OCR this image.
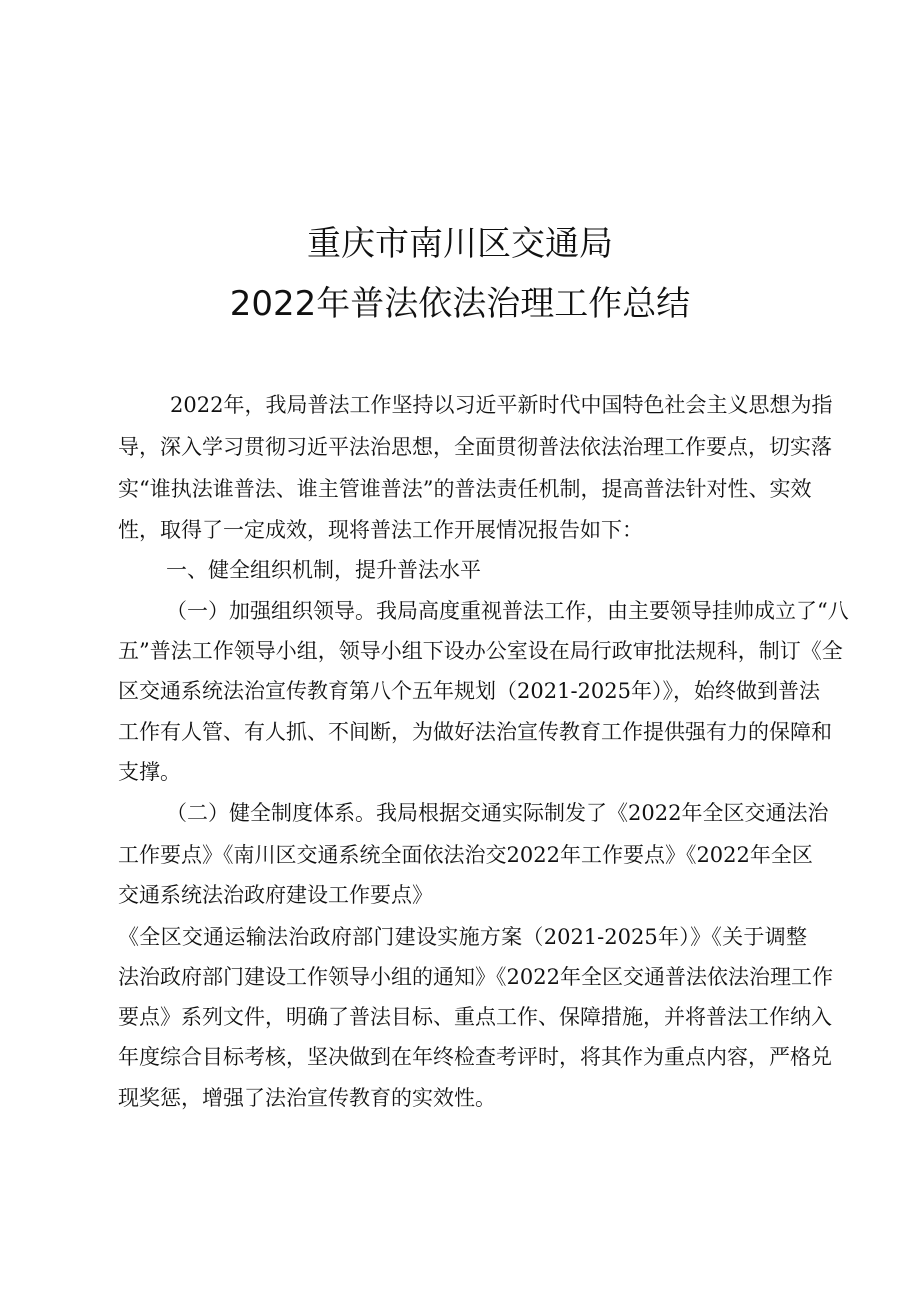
重庆市南川区交通局
2022年普法依法治理工作总结

2022年，我局普法工作坚持以习近平新时代中国特色社会主义思想为指

导，深入学习贯彻习近平法治思想，全面贯彻普法依法治理工作要点，切实落

实“谁执法谁普法、谁主管谁普法”的普法责任机制，提高普法针对性、实效

性，取得了一定成效，现将普法工作开展情况报告如下：

一、健全组织机制，提升普法水平

（一）加强组织领导。我局高度重视普法工作，由主要领导挂帅成立了“八

五”普法工作领导小组，领导小组下设办公室设在局行政审批法规科，制订《全

区交通系统法治宣传教育第八个五年规划（2021-2025年）》，始终做到普法

工作有人管、有人抓、不间断，为做好法治宣传教育工作提供强有力的保障和

支撑。

（二）健全制度体系。我局根据交通实际制发了《2022年全区交通法治

工作要点》《南川区交通系统全面依法治交2022年工作要点》《2022年全区

交通系统法治政府建设工作要点》

《全区交通运输法治政府部门建设实施方案（2021-2025年）》《关于调整

法治政府部门建设工作领导小组的通知》《2022年全区交通普法依法治理工作

要点》系列文件，明确了普法目标、重点工作、保障措施，并将普法工作纳入

年度综合目标考核，坚决做到在年终检查考评时，将其作为重点内容，严格兑

现奖惩，增强了法治宣传教育的实效性。
